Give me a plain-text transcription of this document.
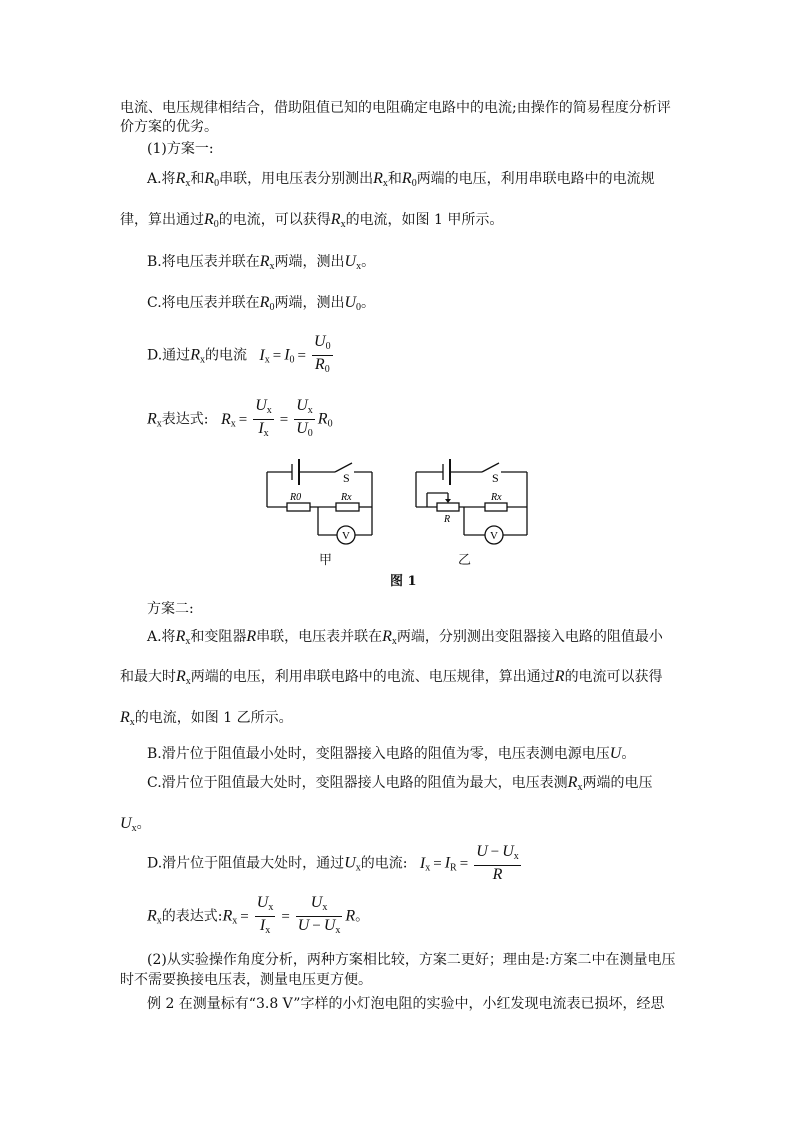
电流、电压规律相结合，借助阻值已知的电阻确定电路中的电流;由操作的简易程度分析评
价方案的优劣。
(1)方案一:
A.将$R_x$和$R_0$串联，用电压表分别测出$R_x$和$R_0$两端的电压，利用串联电路中的电流规
律，算出通过$R_0$的电流，可以获得$R_x$的电流，如图 1 甲所示。
B.将电压表并联在$R_x$两端，测出$U_x$。
C.将电压表并联在$R_0$两端，测出$U_0$。
D.通过$R_x$的电流 $I_x = I_0 = \frac{U_0}{R_0}$
$R_x$表达式: $R_x = \frac{U_x}{I_x} = \frac{U_x}{U_0} R_0$
S
R0	Rx
V
S
Rx
R
V
甲	乙
图 1
方案二:
A.将$R_x$和变阻器R串联，电压表并联在$R_x$两端，分别测出变阻器接入电路的阻值最小
和最大时$R_x$两端的电压，利用串联电路中的电流、电压规律，算出通过R的电流可以获得
$R_x$的电流，如图 1 乙所示。
B.滑片位于阻值最小处时，变阻器接入电路的阻值为零，电压表测电源电压U。
C.滑片位于阻值最大处时，变阻器接人电路的阻值为最大，电压表测$R_x$两端的电压
$U_x$。
D.滑片位于阻值最大处时，通过$U_x$的电流: $I_x = I_R = \frac{U - U_x}{R}$
$R_x$的表达式$:R_x = \frac{U_x}{I_x} = \frac{U_x}{U - U_x}$ R。
(2)从实验操作角度分析，两种方案相比较，方案二更好；理由是:方案二中在测量电压
时不需要换接电压表，测量电压更方便。
例 2 在测量标有“3.8 V”字样的小灯泡电阻的实验中，小红发现电流表已损坏，经思
